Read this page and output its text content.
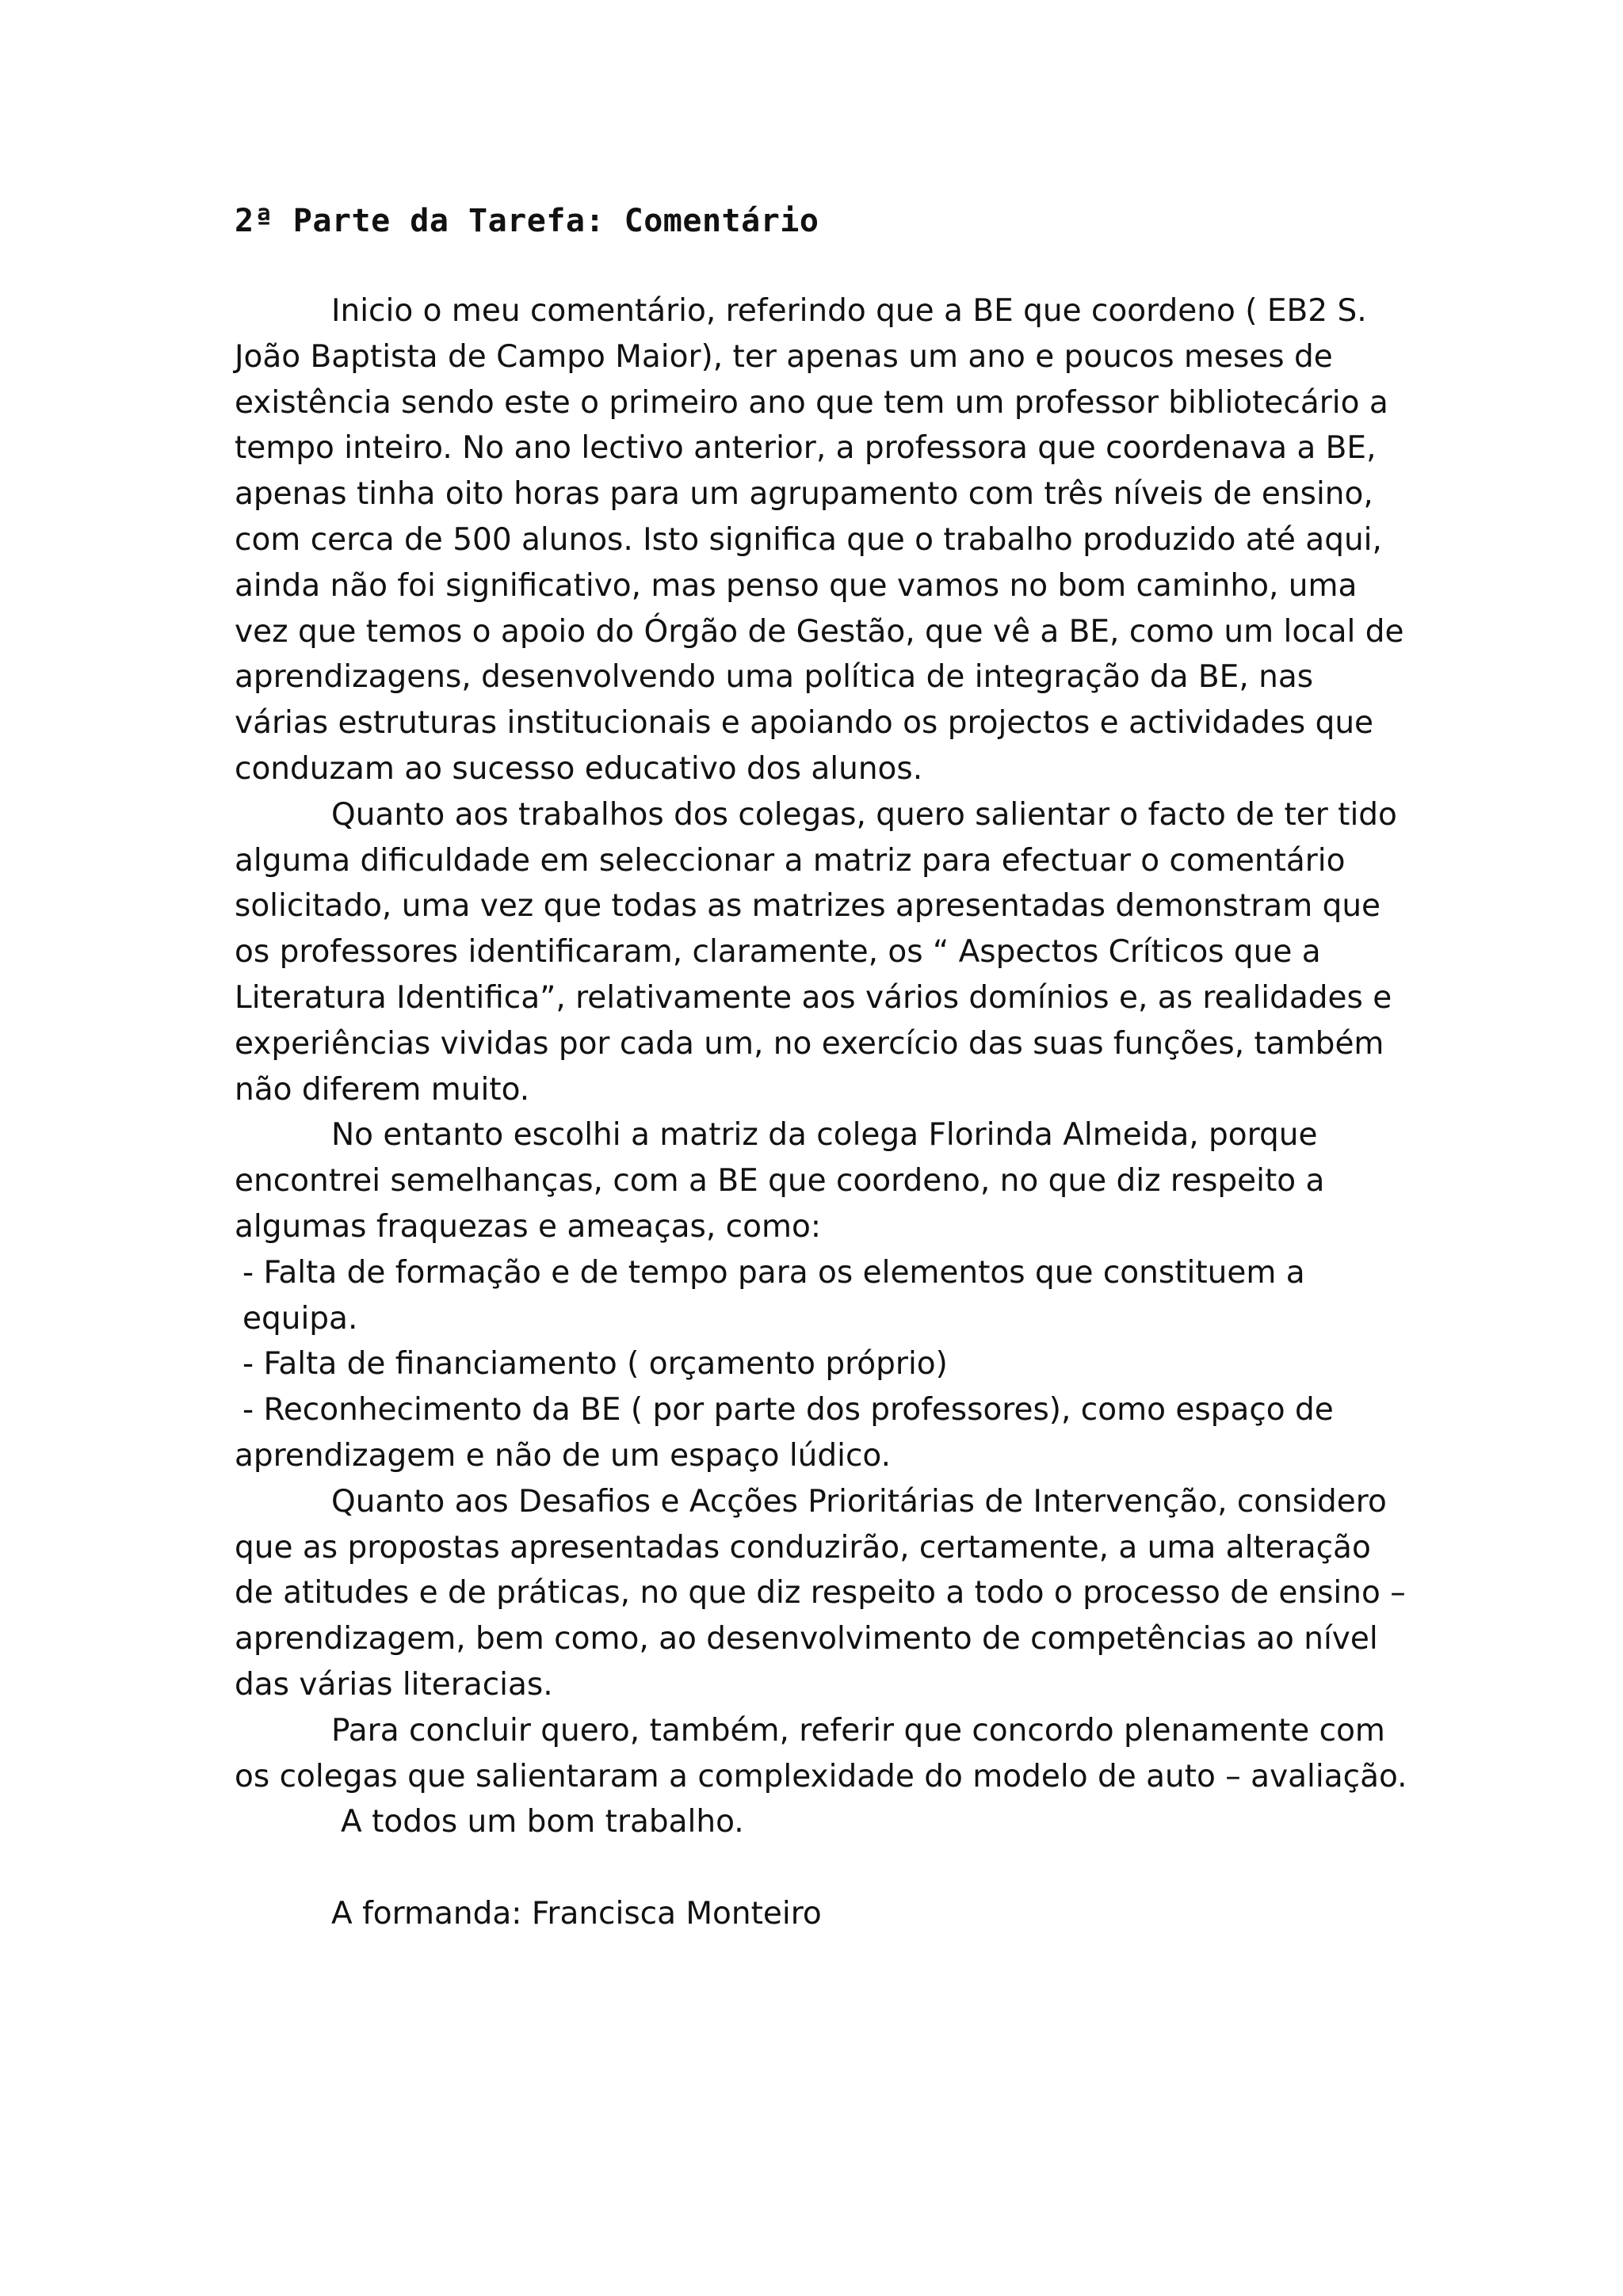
2ª Parte da Tarefa: Comentário

Inicio o meu comentário, referindo que a BE que coordeno ( EB2 S. João Baptista de Campo Maior), ter apenas um ano e poucos meses de existência sendo este o primeiro ano que tem um professor bibliotecário a tempo inteiro. No ano lectivo anterior, a professora que coordenava a BE, apenas tinha oito horas para um agrupamento com três níveis de ensino, com cerca de 500 alunos. Isto significa que o trabalho produzido até aqui, ainda não foi significativo, mas penso que vamos no bom caminho, uma vez que temos o apoio do Órgão de Gestão, que vê a BE, como um local de aprendizagens, desenvolvendo uma política de integração da BE, nas várias estruturas institucionais e apoiando os projectos e actividades que conduzam ao sucesso educativo dos alunos.

Quanto aos trabalhos dos colegas, quero salientar o facto de ter tido alguma dificuldade em seleccionar a matriz para efectuar o comentário solicitado, uma vez que todas as matrizes apresentadas demonstram que os professores identificaram, claramente, os “ Aspectos Críticos que a Literatura Identifica”, relativamente aos vários domínios e, as realidades e experiências vividas por cada um, no exercício das suas funções, também não diferem muito.

No entanto escolhi a matriz da colega Florinda Almeida, porque encontrei semelhanças, com a BE que coordeno, no que diz respeito a algumas fraquezas e ameaças, como:

- Falta de formação e de tempo para os elementos que constituem a equipa.

- Falta de financiamento ( orçamento próprio)

- Reconhecimento da BE ( por parte dos professores), como espaço de

aprendizagem e não de um espaço lúdico.

Quanto aos Desafios e Acções Prioritárias de Intervenção, considero que as propostas apresentadas conduzirão, certamente, a uma alteração de atitudes e de práticas, no que diz respeito a todo o processo de ensino – aprendizagem, bem como, ao desenvolvimento de competências ao nível das várias literacias.

Para concluir quero, também, referir que concordo plenamente com os colegas que salientaram a complexidade do modelo de auto – avaliação.

A todos um bom trabalho.

A formanda: Francisca Monteiro
